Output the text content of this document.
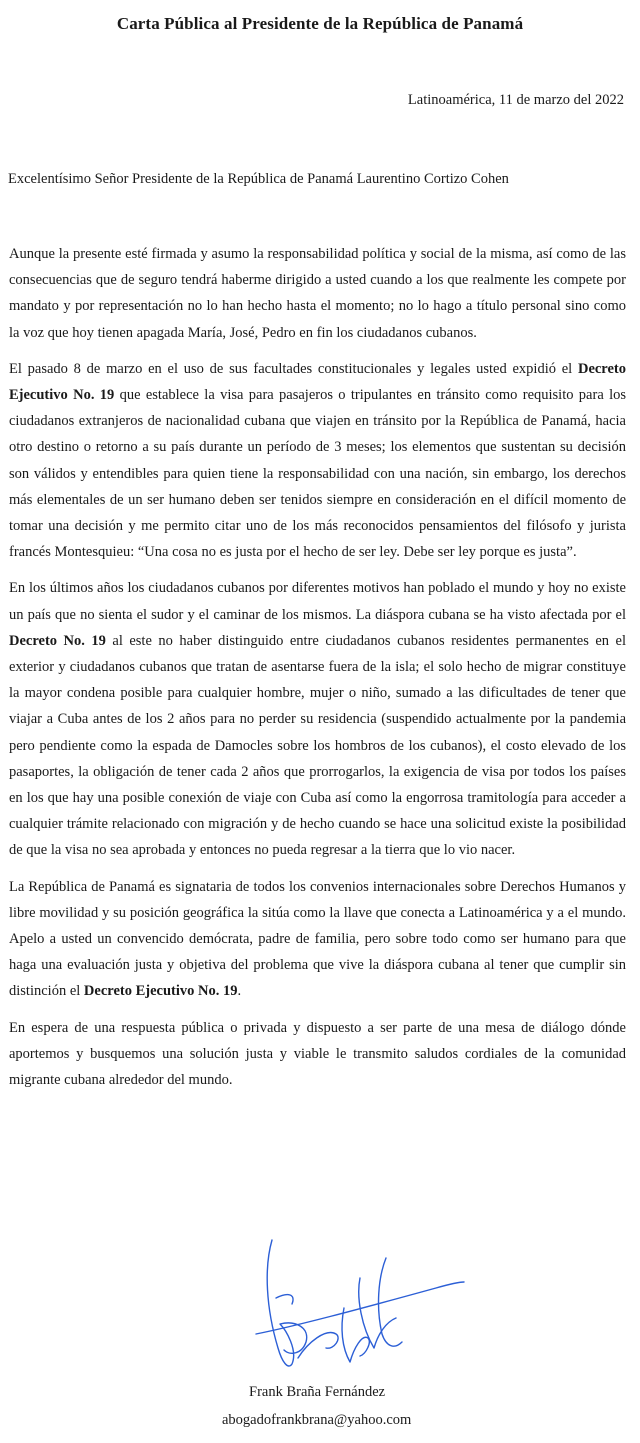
Carta Pública al Presidente de la República de Panamá
Latinoamérica, 11 de marzo del 2022
Excelentísimo Señor Presidente de la República de Panamá Laurentino Cortizo Cohen

Aunque la presente esté firmada y asumo la responsabilidad política y social de la misma, así como de las consecuencias que de seguro tendrá haberme dirigido a usted cuando a los que realmente les compete por mandato y por representación no lo han hecho hasta el momento; no lo hago a título personal sino como la voz que hoy tienen apagada María, José, Pedro en fin los ciudadanos cubanos.

El pasado 8 de marzo en el uso de sus facultades constitucionales y legales usted expidió el Decreto Ejecutivo No. 19 que establece la visa para pasajeros o tripulantes en tránsito como requisito para los ciudadanos extranjeros de nacionalidad cubana que viajen en tránsito por la República de Panamá, hacia otro destino o retorno a su país durante un período de 3 meses; los elementos que sustentan su decisión son válidos y entendibles para quien tiene la responsabilidad con una nación, sin embargo, los derechos más elementales de un ser humano deben ser tenidos siempre en consideración en el difícil momento de tomar una decisión y me permito citar uno de los más reconocidos pensamientos del filósofo y jurista francés Montesquieu: “Una cosa no es justa por el hecho de ser ley. Debe ser ley porque es justa”.

En los últimos años los ciudadanos cubanos por diferentes motivos han poblado el mundo y hoy no existe un país que no sienta el sudor y el caminar de los mismos. La diáspora cubana se ha visto afectada por el Decreto No. 19 al este no haber distinguido entre ciudadanos cubanos residentes permanentes en el exterior y ciudadanos cubanos que tratan de asentarse fuera de la isla; el solo hecho de migrar constituye la mayor condena posible para cualquier hombre, mujer o niño, sumado a las dificultades de tener que viajar a Cuba antes de los 2 años para no perder su residencia (suspendido actualmente por la pandemia pero pendiente como la espada de Damocles sobre los hombros de los cubanos), el costo elevado de los pasaportes, la obligación de tener cada 2 años que prorrogarlos, la exigencia de visa por todos los países en los que hay una posible conexión de viaje con Cuba así como la engorrosa tramitología para acceder a cualquier trámite relacionado con migración y de hecho cuando se hace una solicitud existe la posibilidad de que la visa no sea aprobada y entonces no pueda regresar a la tierra que lo vio nacer.

La República de Panamá es signataria de todos los convenios internacionales sobre Derechos Humanos y libre movilidad y su posición geográfica la sitúa como la llave que conecta a Latinoamérica y a el mundo. Apelo a usted un convencido demócrata, padre de familia, pero sobre todo como ser humano para que haga una evaluación justa y objetiva del problema que vive la diáspora cubana al tener que cumplir sin distinción el Decreto Ejecutivo No. 19.

En espera de una respuesta pública o privada y dispuesto a ser parte de una mesa de diálogo dónde aportemos y busquemos una solución justa y viable le transmito saludos cordiales de la comunidad migrante cubana alrededor del mundo.

Frank Braña Fernández
abogadofrankbrana@yahoo.com
